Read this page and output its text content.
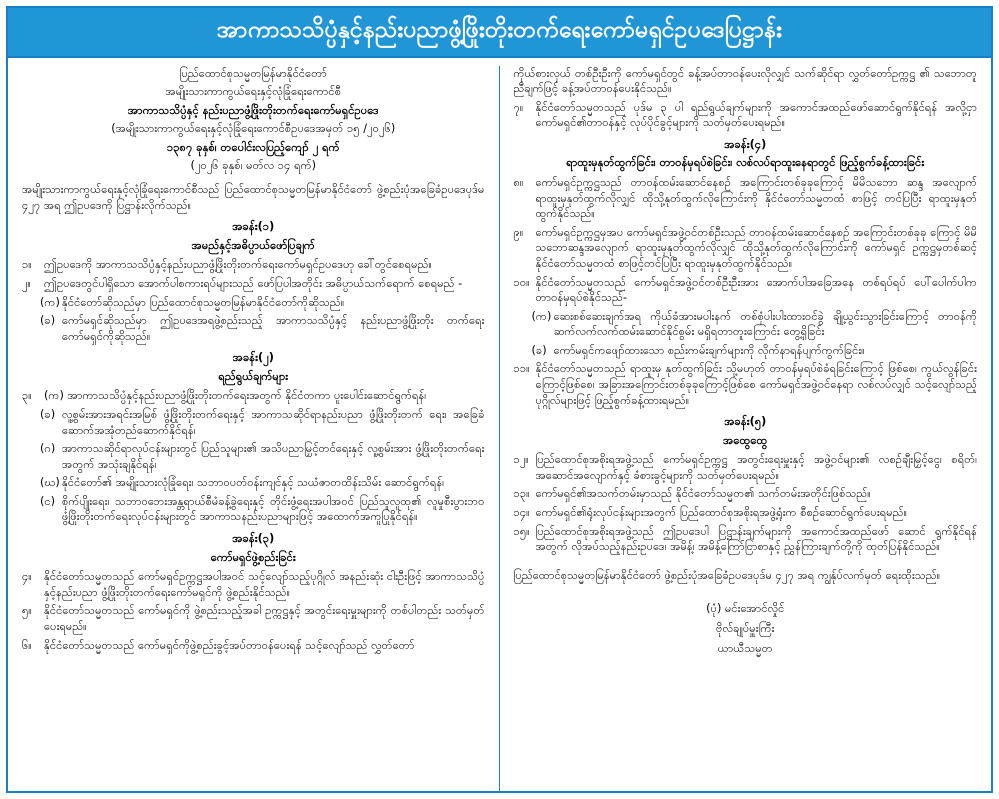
အာကာသသိပ္ပံနှင့်နည်းပညာဖွံ့ဖြိုးတိုးတက်ရေးကော်မရှင်ဥပဒေပြဋ္ဌာန်း

ပြည်ထောင်စုသမ္မတမြန်မာနိုင်ငံတော်

အမျိုးသားကာကွယ်ရေးနှင့်လုံခြုံရေးကောင်စီ

အာကာသသိပ္ပံနှင့် နည်းပညာဖွံ့ဖြိုးတိုးတက်ရေးကော်မရှင်ဥပဒေ

(အမျိုးသားကာကွယ်ရေးနှင့်လုံခြုံရေးကောင်စီဥပဒေအမှတ် ၁၅ /၂၀၂၆)

၁၃၈၇ ခုနှစ်၊ တပေါင်းလပြည့်ကျော် ၂ ရက်

(၂၀၂၆ ခုနှစ်၊ မတ်လ ၁၄ ရက်)

အမျိုးသားကာကွယ်ရေးနှင့်လုံခြုံရေးကောင်စီသည် ပြည်ထောင်စုသမ္မတမြန်မာနိုင်ငံတော် ဖွဲ့စည်းပုံအခြေခံဥပဒေပုဒ်မ ၄၂၇ အရ ဤဥပဒေကို ပြဋ္ဌာန်းလိုက်သည်။

အခန်း(၁)

အမည်နှင့်အဓိပ္ပာယ်ဖော်ပြချက်

၁။	ဤဥပဒေကို အာကာသသိပ္ပံနှင့်နည်းပညာဖွံ့ဖြိုးတိုးတက်ရေးကော်မရှင်ဥပဒေဟု ခေါ်တွင်စေရမည်။
၂။	ဤဥပဒေတွင်ပါရှိသော အောက်ပါစကားရပ်များသည် ဖော်ပြပါအတိုင်း အဓိပ္ပာယ်သက်ရောက် စေရမည် -
(က) နိုင်ငံတော်ဆိုသည်မှာ ပြည်ထောင်စုသမ္မတမြန်မာနိုင်ငံတော်ကိုဆိုသည်။
(ခ) ကော်မရှင်ဆိုသည်မှာ ဤဥပဒေအရဖွဲ့စည်းသည့် အာကာသသိပ္ပံနှင့် နည်းပညာဖွံ့ဖြိုးတိုး တက်ရေးကော်မရှင်ကိုဆိုသည်။

အခန်း(၂)

ရည်ရွယ်ချက်များ

၃။	(က) အာကာသသိပ္ပံနှင့်နည်းပညာဖွံ့ဖြိုးတိုးတက်ရေးအတွက် နိုင်ငံတကာ ပူးပေါင်းဆောင်ရွက်ရန်၊
(ခ) လူ့စွမ်းအားအရင်းအမြစ် ဖွံ့ဖြိုးတိုးတက်ရေးနှင့် အာကာသဆိုင်ရာနည်းပညာ ဖွံ့ဖြိုးတိုးတက် ရေး၊ အခြေခံဆောက်အအုံတည်ဆောက်နိုင်ရန်၊
(ဂ) အာကာသဆိုင်ရာလုပ်ငန်းများတွင် ပြည်သူများ၏ အသိပညာမြှင့်တင်ရေးနှင့် လူ့စွမ်းအား ဖွံ့ဖြိုးတိုးတက်ရေးအတွက် အသုံးချနိုင်ရန်၊
(ဃ) နိုင်ငံတော်၏ အမျိုးသားလုံခြုံရေး၊ သဘာဝပတ်ဝန်းကျင်နှင့် သယံဇာတထိန်းသိမ်း ဆောင်ရွက်ရန်၊
(င) စိုက်ပျိုးရေး၊ သဘာဝဘေးအန္တရာယ်စီမံခန့်ခွဲရေးနှင့် တိုင်းဖွံ့ရေးအပါအဝင် ပြည်သူလူထု၏ လူမှုစီးပွားဘဝ ဖွံ့ဖြိုးတိုးတက်ရေးလုပ်ငန်းများတွင် အာကာသနည်းပညာများဖြင့် အထောက်အကူပြုနိုင်ရန်။

အခန်း(၃)

ကော်မရှင်ဖွဲ့စည်းခြင်း

၄။	နိုင်ငံတော်သမ္မတသည် ကော်မရှင်ဥက္ကဋ္ဌအပါအဝင် သင့်လျော်သည့်ပုဂ္ဂိုလ် အနည်းဆုံး ငါးဦးဖြင့် အာကာသသိပ္ပံနှင့်နည်းပညာ ဖွံ့ဖြိုးတိုးတက်ရေးကော်မရှင်ကို ဖွဲ့စည်းနိုင်သည်။
၅။	နိုင်ငံတော်သမ္မတသည် ကော်မရှင်ကို ဖွဲ့စည်းသည့်အခါ ဥက္ကဋ္ဌနှင့် အတွင်းရေးမှူးများကို တစ်ပါတည်း သတ်မှတ်ပေးရမည်။
၆။	နိုင်ငံတော်သမ္မတသည် ကော်မရှင်ကိုဖွဲ့စည်းခွင့်အပ်တာဝန်ပေးရန် သင့်လျော်သည် လွှတ်တော်

ကိုယ်စားလှယ် တစ်ဦးဦးကို ကော်မရှင်တွင် ခန့်အပ်တာဝန်ပေးလိုလျှင် သက်ဆိုင်ရာ လွှတ်တော်ဥက္ကဋ္ဌ ၏ သဘောတူညီချက်ဖြင့် ခန့်အပ်တာဝန်ပေးနိုင်သည်။

၇။	နိုင်ငံတော်သမ္မတသည် ပုဒ်မ ၃ ပါ ရည်ရွယ်ချက်များကို အကောင်အထည်ဖော်ဆောင်ရွက်နိုင်ရန် အလို့ငှာ ကော်မရှင်၏တာဝန်နှင့် လုပ်ပိုင်ခွင့်များကို သတ်မှတ်ပေးရမည်။

အခန်း(၄)

ရာထူးမှနုတ်ထွက်ခြင်း၊ တာဝန်မှရပ်စဲခြင်း၊ လစ်လပ်ရာထူးနေရာတွင် ဖြည့်စွက်ခန့်ထားခြင်း

၈။	ကော်မရှင်ဥက္ကဋ္ဌသည် တာဝန်ထမ်းဆောင်နေစဉ် အကြောင်းတစ်ခုခုကြောင့် မိမိသဘော ဆန္ဒ အလျောက် ရာထူးမှနုတ်ထွက်လိုလျှင် ထိုသို့နုတ်ထွက်လိုကြောင်းကို နိုင်ငံတော်သမ္မတထံ စာဖြင့် တင်ပြပြီး ရာထူးမှနုတ်ထွက်နိုင်သည်။
၉။	ကော်မရှင်ဥက္ကဋ္ဌမှအပ ကော်မရှင်အဖွဲ့ဝင်တစ်ဦးသည် တာဝန်ထမ်းဆောင်နေစဉ် အကြောင်းတစ်ခုခု ကြောင့် မိမိသဘောဆန္ဒအလျောက် ရာထူးမှနုတ်ထွက်လိုလျှင် ထိုသို့နုတ်ထွက်လိုကြောင်းကို ကော်မရှင် ဥက္ကဋ္ဌမှတစ်ဆင့် နိုင်ငံတော်သမ္မတထံ စာဖြင့်တင်ပြပြီး ရာထူးမှနုတ်ထွက်နိုင်သည်။
၁၀။ နိုင်ငံတော်သမ္မတသည် ကော်မရှင်အဖွဲ့ဝင်တစ်ဦးဦးအား အောက်ပါအခြေအနေ တစ်ရပ်ရပ် ပေါ်ပေါက်ပါက တာဝန်မှရပ်စဲနိုင်သည်-
(က) ဆေးစစ်ဆေးချက်အရ ကိုယ်ခံအားမပါးနက် တစ်စုံပါးပါးထားဝင်ခွဲ ချို့ယွင်းသွားခြင်းကြောင့် တာဝန်ကိုဆက်လက်လက်ထမ်းဆောင်နိုင်စွမ်း မရှိရတာတူးကြောင်း တွေ့ရှိခြင်း
(ခ) ကော်မရှင်ကဖျော်ထားသော စည်းကမ်းချက်များကို လိုက်နာရန်ပျက်ကွက်ခြင်း။
၁၁။ နိုင်ငံတော်သမ္မတသည် ရာထူးမှ နုတ်ထွက်ခြင်း သို့မဟုတ် တာဝန်မှရပ်စဲခံရခြင်းကြောင့် ဖြစ်စေ၊ ကွယ်လွန်ခြင်းကြောင့်ဖြစ်စေ၊ အခြားအကြောင်းတစ်ခုခုကြောင့်ဖြစ်စေ ကော်မရှင်အဖွဲ့ဝင်နေရာ လစ်လပ်လျှင် သင့်လျော်သည့်ပုဂ္ဂိုလ်များဖြင့် ဖြည့်စွက်ခန့်ထားရမည်။

အခန်း(၅)

အထွေထွေ

၁၂။ ပြည်ထောင်စုအစိုးရအဖွဲ့သည် ကော်မရှင်ဥက္ကဋ္ဌ အတွင်းရေးမှူးနှင့် အဖွဲ့ဝင်များ၏ လစဉ်ချီးမြှင့်ငွေ၊ စရိတ်၊ အဆောင်အလျောက်နှင့် ခံစားခွင့်များကို သတ်မှတ်ပေးရမည်။
၁၃။ ကော်မရှင်၏အသက်တမ်းမှာသည် နိုင်ငံတော်သမ္မတ၏ သက်တမ်းအတိုင်းဖြစ်သည်။
၁၄။ ကော်မရှင်၏ရုံးလုပ်ငန်းများအတွက် ပြည်ထောင်စုအစိုးရအဖွဲ့ရုံးက စီစဉ်ဆောင်ရွက်ပေးရမည်။
၁၅။ ပြည်ထောင်စုအစိုးရအဖွဲ့သည် ဤဥပဒေပါ ပြဋ္ဌာန်းချက်များကို အကောင်အထည်ဖော် ဆောင် ရွက်နိုင်ရန်အတွက် လိုအပ်သည့်နည်းဥပဒေ၊ အမိန့်၊ အမိန့်ကြော်ငြာစာနှင့် ညွှန်ကြားချက်တို့ကို ထုတ်ပြန်နိုင်သည်။

ပြည်ထောင်စုသမ္မတမြန်မာနိုင်ငံတော် ဖွဲ့စည်းပုံအခြေခံဥပဒေပုဒ်မ ၄၂၇ အရ ကျွန်ုပ်လက်မှတ် ရေးထိုးသည်။

(ပုံ) မင်းအောင်လှိုင်

ဗိုလ်ချုပ်မှူးကြီး

ယာယီသမ္မတ
